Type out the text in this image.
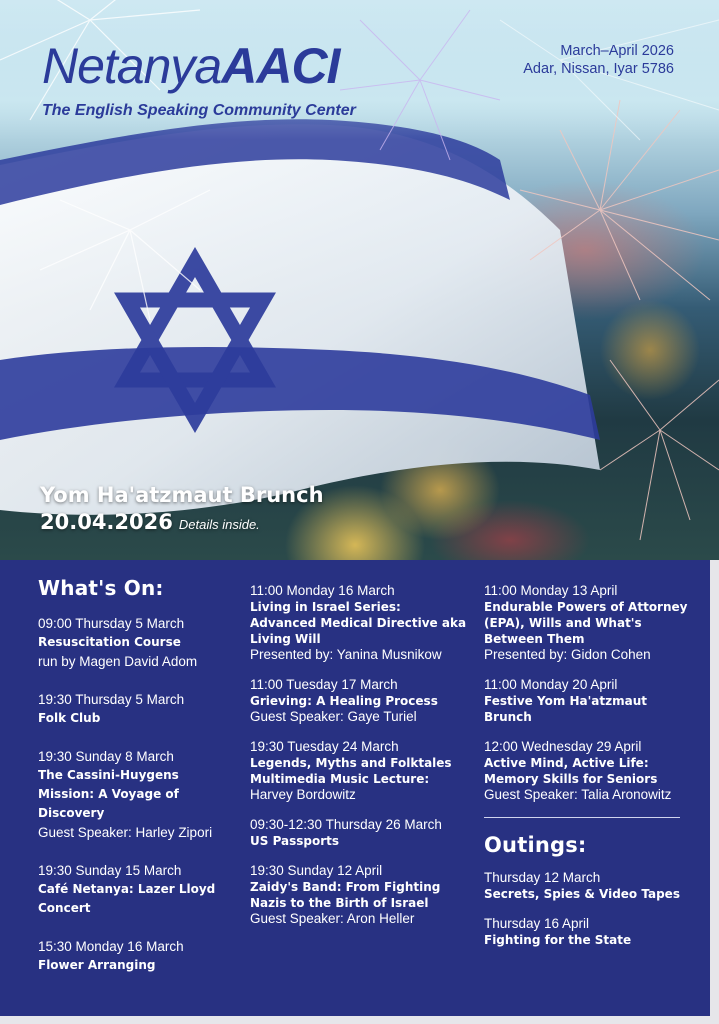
NetanyaAACI
The English Speaking Community Center
March–April 2026
Adar, Nissan, Iyar 5786
Yom Ha'atzmaut Brunch
20.04.2026 Details inside.
What's On:
09:00 Thursday 5 March
Resuscitation Course
run by Magen David Adom
19:30 Thursday 5 March
Folk Club
19:30 Sunday 8 March
The Cassini-Huygens Mission: A Voyage of Discovery
Guest Speaker: Harley Zipori
19:30 Sunday 15 March
Café Netanya: Lazer Lloyd Concert
15:30 Monday 16 March
Flower Arranging
11:00 Monday 16 March
Living in Israel Series: Advanced Medical Directive aka Living Will
Presented by: Yanina Musnikow
11:00 Tuesday 17 March
Grieving: A Healing Process
Guest Speaker: Gaye Turiel
19:30 Tuesday 24 March
Legends, Myths and Folktales Multimedia Music Lecture:
Harvey Bordowitz
09:30-12:30 Thursday 26 March
US Passports
19:30 Sunday 12 April
Zaidy's Band: From Fighting Nazis to the Birth of Israel
Guest Speaker: Aron Heller
11:00 Monday 13 April
Endurable Powers of Attorney (EPA), Wills and What's Between Them
Presented by: Gidon Cohen
11:00 Monday 20 April
Festive Yom Ha'atzmaut Brunch
12:00 Wednesday 29 April
Active Mind, Active Life: Memory Skills for Seniors
Guest Speaker: Talia Aronowitz
Outings:
Thursday 12 March
Secrets, Spies & Video Tapes
Thursday 16 April
Fighting for the State
